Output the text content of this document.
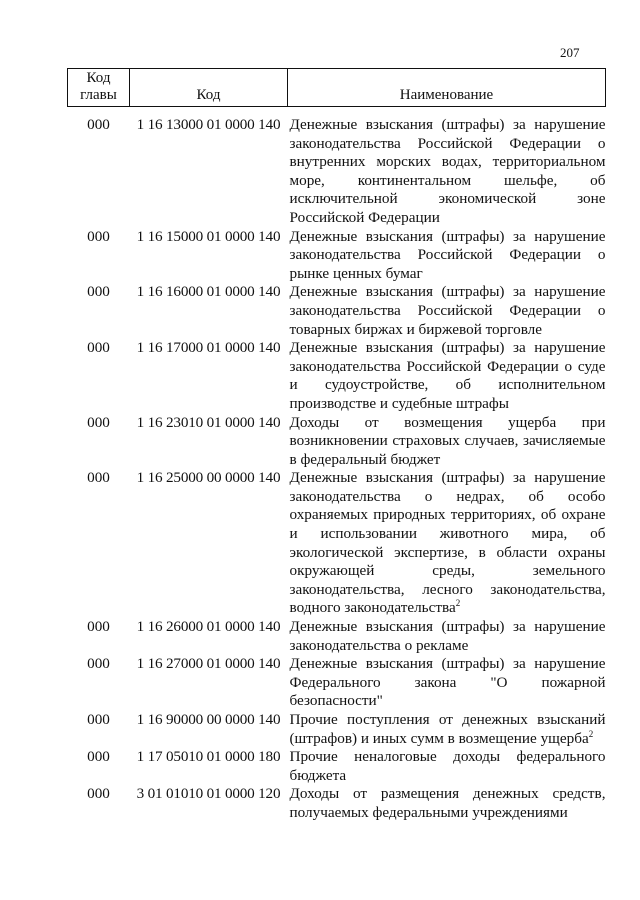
207
Код главы	Код	Наименование
000	1 16 13000 01 0000 140	Денежные взыскания (штрафы) за нарушение законодательства Российской Федерации о внутренних морских водах, территориальном море, континентальном шельфе, об исключительной экономической зоне Российской Федерации
000	1 16 15000 01 0000 140	Денежные взыскания (штрафы) за нарушение законодательства Российской Федерации о рынке ценных бумаг
000	1 16 16000 01 0000 140	Денежные взыскания (штрафы) за нарушение законодательства Российской Федерации о товарных биржах и биржевой торговле
000	1 16 17000 01 0000 140	Денежные взыскания (штрафы) за нарушение законодательства Российской Федерации о суде и судоустройстве, об исполнительном производстве и судебные штрафы
000	1 16 23010 01 0000 140	Доходы от возмещения ущерба при возникновении страховых случаев, зачисляемые в федеральный бюджет
000	1 16 25000 00 0000 140	Денежные взыскания (штрафы) за нарушение законодательства о недрах, об особо охраняемых природных территориях, об охране и использовании животного мира, об экологической экспертизе, в области охраны окружающей среды, земельного законодательства, лесного законодательства, водного законодательства$^2$
000	1 16 26000 01 0000 140	Денежные взыскания (штрафы) за нарушение законодательства о рекламе
000	1 16 27000 01 0000 140	Денежные взыскания (штрафы) за нарушение Федерального закона "О пожарной безопасности"
000	1 16 90000 00 0000 140	Прочие поступления от денежных взысканий (штрафов) и иных сумм в возмещение ущерба$^2$
000	1 17 05010 01 0000 180	Прочие неналоговые доходы федерального бюджета
000	3 01 01010 01 0000 120	Доходы от размещения денежных средств, получаемых федеральными учреждениями
